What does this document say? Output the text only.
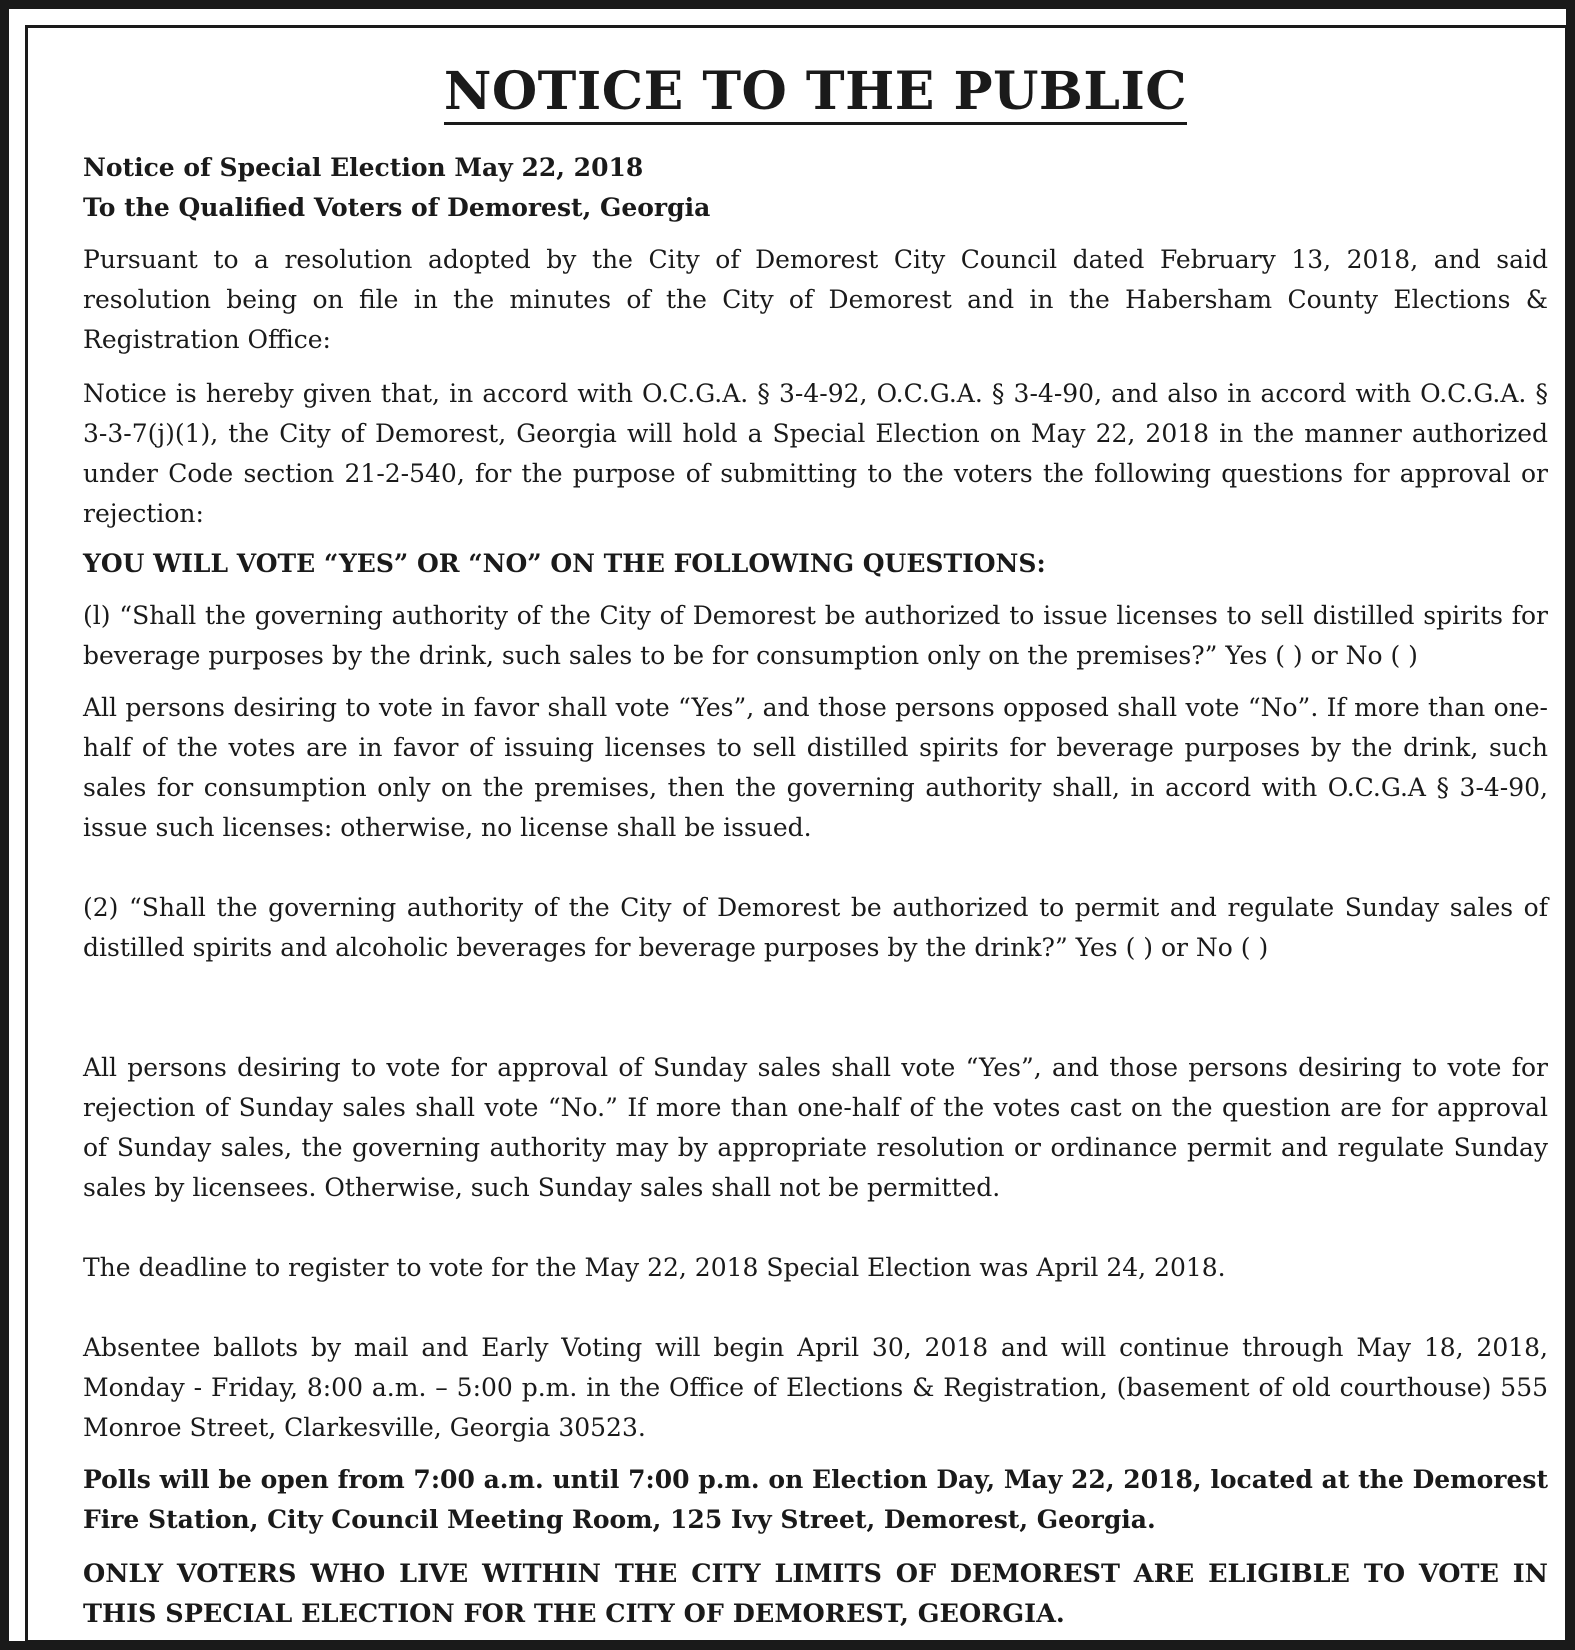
NOTICE TO THE PUBLIC
Notice of Special Election May 22, 2018
To the Qualified Voters of Demorest, Georgia

Pursuant to a resolution adopted by the City of Demorest City Council dated February 13, 2018, and said resolution being on file in the minutes of the City of Demorest and in the Habersham County Elections & Registration Office:

Notice is hereby given that, in accord with O.C.G.A. § 3-4-92, O.C.G.A. § 3-4-90, and also in accord with O.C.G.A. § 3-3-7(j)(1), the City of Demorest, Georgia will hold a Special Election on May 22, 2018 in the manner authorized under Code section 21-2-540, for the purpose of submitting to the voters the following questions for approval or rejection:

YOU WILL VOTE “YES” OR “NO” ON THE FOLLOWING QUESTIONS:

(l) “Shall the governing authority of the City of Demorest be authorized to issue licenses to sell distilled spirits for beverage purposes by the drink, such sales to be for consumption only on the premises?” Yes ( ) or No ( )

All persons desiring to vote in favor shall vote “Yes”, and those persons opposed shall vote “No”. If more than one-half of the votes are in favor of issuing licenses to sell distilled spirits for beverage purposes by the drink, such sales for consumption only on the premises, then the governing authority shall, in accord with O.C.G.A § 3-4-90, issue such licenses: otherwise, no license shall be issued.

(2) “Shall the governing authority of the City of Demorest be authorized to permit and regulate Sunday sales of distilled spirits and alcoholic beverages for beverage purposes by the drink?” Yes ( ) or No ( )

All persons desiring to vote for approval of Sunday sales shall vote “Yes”, and those persons desiring to vote for rejection of Sunday sales shall vote “No.” If more than one-half of the votes cast on the question are for approval of Sunday sales, the governing authority may by appropriate resolution or ordinance permit and regulate Sunday sales by licensees. Otherwise, such Sunday sales shall not be permitted.

The deadline to register to vote for the May 22, 2018 Special Election was April 24, 2018.

Absentee ballots by mail and Early Voting will begin April 30, 2018 and will continue through May 18, 2018, Monday - Friday, 8:00 a.m. – 5:00 p.m. in the Office of Elections & Registration, (basement of old courthouse) 555 Monroe Street, Clarkesville, Georgia 30523.

Polls will be open from 7:00 a.m. until 7:00 p.m. on Election Day, May 22, 2018, located at the Demorest Fire Station, City Council Meeting Room, 125 Ivy Street, Demorest, Georgia.

ONLY VOTERS WHO LIVE WITHIN THE CITY LIMITS OF DEMOREST ARE ELIGIBLE TO VOTE IN THIS SPECIAL ELECTION FOR THE CITY OF DEMOREST, GEORGIA.
